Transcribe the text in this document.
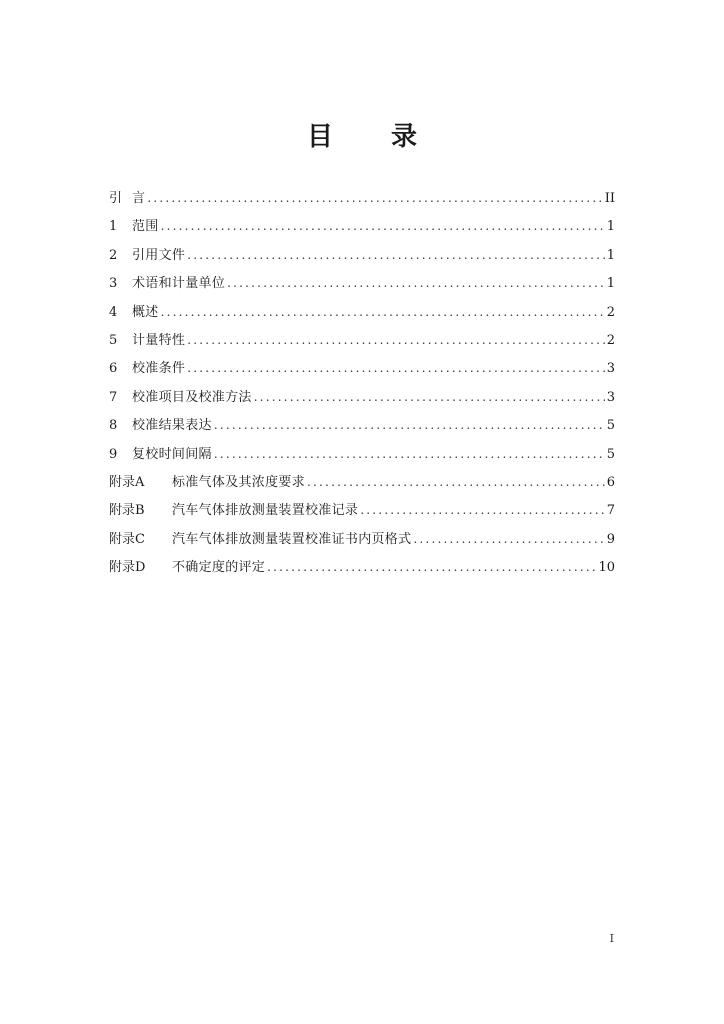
目 录
引 言 .....	II
1	范围 .....	1
2	引用文件 .....	1
3	术语和计量单位 .....	1
4	概述 .....	2
5	计量特性 .....	2
6	校准条件 .....	3
7	校准项目及校准方法 .....	3
8	校准结果表达 .....	5
9	复校时间间隔 .....	5
附录A	标准气体及其浓度要求 .....	6
附录B	汽车气体排放测量装置校准记录 .....	7
附录C	汽车气体排放测量装置校准证书内页格式 .....	9
附录D	不确定度的评定 .....	10
I
